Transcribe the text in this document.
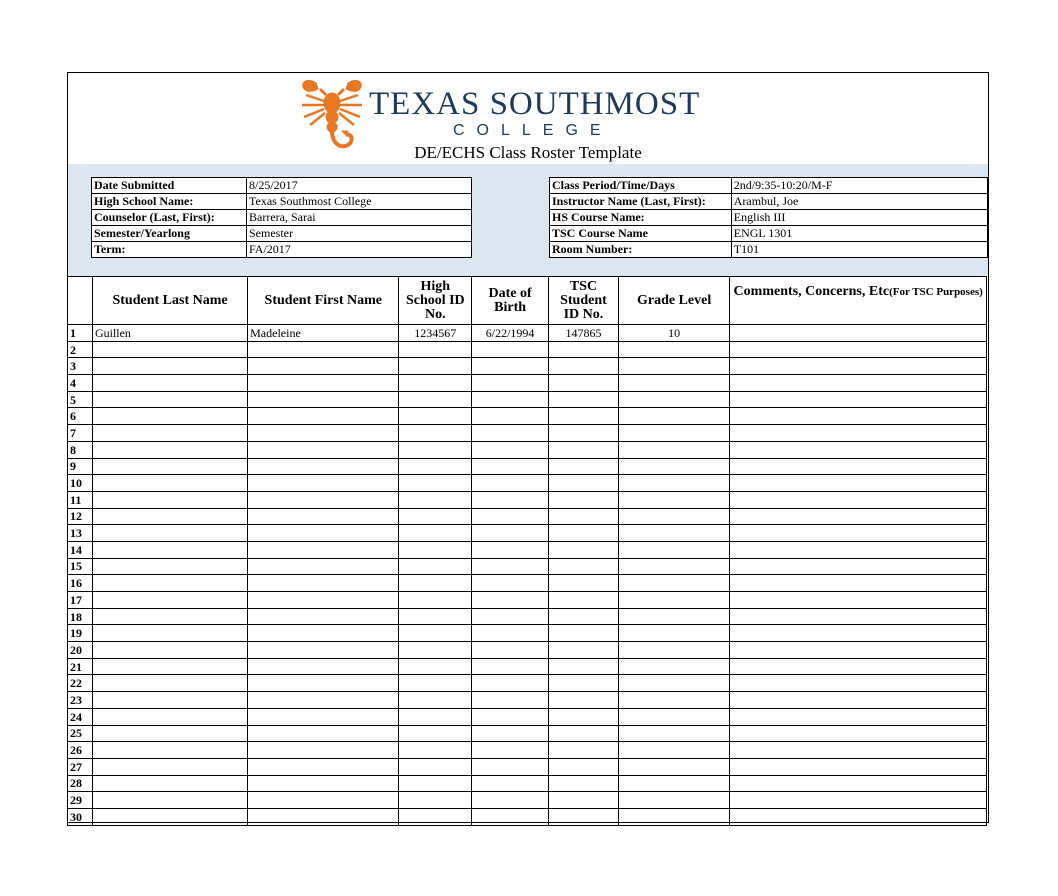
TEXAS SOUTHMOST
COLLEGE
DE/ECHS Class Roster Template
Date Submitted	8/25/2017
High School Name:	Texas Southmost College
Counselor (Last, First):	Barrera, Sarai
Semester/Yearlong	Semester
Term:	FA/2017
Class Period/Time/Days	2nd/9:35-10:20/M-F
Instructor Name (Last, First):	Arambul, Joe
HS Course Name:	English III
TSC Course Name	ENGL 1301
Room Number:	T101
	Student Last Name	Student First Name	High School ID No.	Date of Birth	TSC Student ID No.	Grade Level	Comments, Concerns, Etc(For TSC Purposes)
1	Guillen	Madeleine	1234567	6/22/1994	147865	10	
2							
3							
4							
5							
6							
7							
8							
9							
10							
11							
12							
13							
14							
15							
16							
17							
18							
19							
20							
21							
22							
23							
24							
25							
26							
27							
28							
29							
30							
